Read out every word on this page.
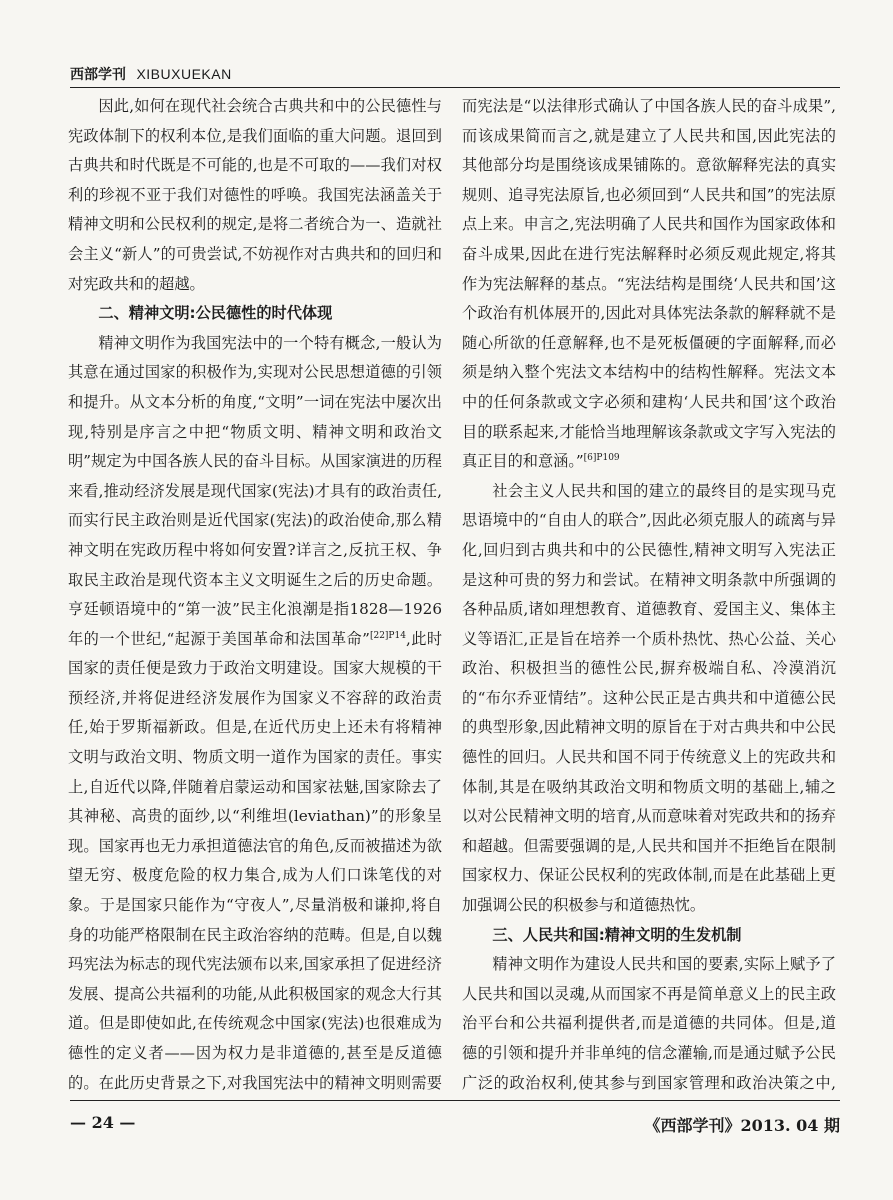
西部学刊 XIBUXUEKAN

因此,如何在现代社会统合古典共和中的公民德性与宪政体制下的权利本位,是我们面临的重大问题。退回到古典共和时代既是不可能的,也是不可取的——我们对权利的珍视不亚于我们对德性的呼唤。我国宪法涵盖关于精神文明和公民权利的规定,是将二者统合为一、造就社会主义“新人”的可贵尝试,不妨视作对古典共和的回归和对宪政共和的超越。

二、精神文明:公民德性的时代体现

精神文明作为我国宪法中的一个特有概念,一般认为其意在通过国家的积极作为,实现对公民思想道德的引领和提升。从文本分析的角度,“文明”一词在宪法中屡次出现,特别是序言之中把“物质文明、精神文明和政治文明”规定为中国各族人民的奋斗目标。从国家演进的历程来看,推动经济发展是现代国家(宪法)才具有的政治责任,而实行民主政治则是近代国家(宪法)的政治使命,那么精神文明在宪政历程中将如何安置?详言之,反抗王权、争取民主政治是现代资本主义文明诞生之后的历史命题。亨廷顿语境中的“第一波”民主化浪潮是指1828—1926年的一个世纪,“起源于美国革命和法国革命”$^{[22]P14}$,此时国家的责任便是致力于政治文明建设。国家大规模的干预经济,并将促进经济发展作为国家义不容辞的政治责任,始于罗斯福新政。但是,在近代历史上还未有将精神文明与政治文明、物质文明一道作为国家的责任。事实上,自近代以降,伴随着启蒙运动和国家祛魅,国家除去了其神秘、高贵的面纱,以“利维坦(leviathan)”的形象呈现。国家再也无力承担道德法官的角色,反而被描述为欲望无穷、极度危险的权力集合,成为人们口诛笔伐的对象。于是国家只能作为“守夜人”,尽量消极和谦抑,将自身的功能严格限制在民主政治容纳的范畴。但是,自以魏玛宪法为标志的现代宪法颁布以来,国家承担了促进经济发展、提高公共福利的功能,从此积极国家的观念大行其道。但是即使如此,在传统观念中国家(宪法)也很难成为德性的定义者——因为权力是非道德的,甚至是反道德的。在此历史背景之下,对我国宪法中的精神文明则需要

而宪法是“以法律形式确认了中国各族人民的奋斗成果”,而该成果简而言之,就是建立了人民共和国,因此宪法的其他部分均是围绕该成果铺陈的。意欲解释宪法的真实规则、追寻宪法原旨,也必须回到“人民共和国”的宪法原点上来。申言之,宪法明确了人民共和国作为国家政体和奋斗成果,因此在进行宪法解释时必须反观此规定,将其作为宪法解释的基点。“宪法结构是围绕‘人民共和国’这个政治有机体展开的,因此对具体宪法条款的解释就不是随心所欲的任意解释,也不是死板僵硬的字面解释,而必须是纳入整个宪法文本结构中的结构性解释。宪法文本中的任何条款或文字必须和建构‘人民共和国’这个政治目的联系起来,才能恰当地理解该条款或文字写入宪法的真正目的和意涵。”$^{[6]P109}$

社会主义人民共和国的建立的最终目的是实现马克思语境中的“自由人的联合”,因此必须克服人的疏离与异化,回归到古典共和中的公民德性,精神文明写入宪法正是这种可贵的努力和尝试。在精神文明条款中所强调的各种品质,诸如理想教育、道德教育、爱国主义、集体主义等语汇,正是旨在培养一个质朴热忱、热心公益、关心政治、积极担当的德性公民,摒弃极端自私、冷漠消沉的“布尔乔亚情结”。这种公民正是古典共和中道德公民的典型形象,因此精神文明的原旨在于对古典共和中公民德性的回归。人民共和国不同于传统意义上的宪政共和体制,其是在吸纳其政治文明和物质文明的基础上,辅之以对公民精神文明的培育,从而意味着对宪政共和的扬弃和超越。但需要强调的是,人民共和国并不拒绝旨在限制国家权力、保证公民权利的宪政体制,而是在此基础上更加强调公民的积极参与和道德热忱。

三、人民共和国:精神文明的生发机制

精神文明作为建设人民共和国的要素,实际上赋予了人民共和国以灵魂,从而国家不再是简单意义上的民主政治平台和公共福利提供者,而是道德的共同体。但是,道德的引领和提升并非单纯的信念灌输,而是通过赋予公民广泛的政治权利,使其参与到国家管理和政治决策之中,

— 24 —	《西部学刊》2013. 04 期
